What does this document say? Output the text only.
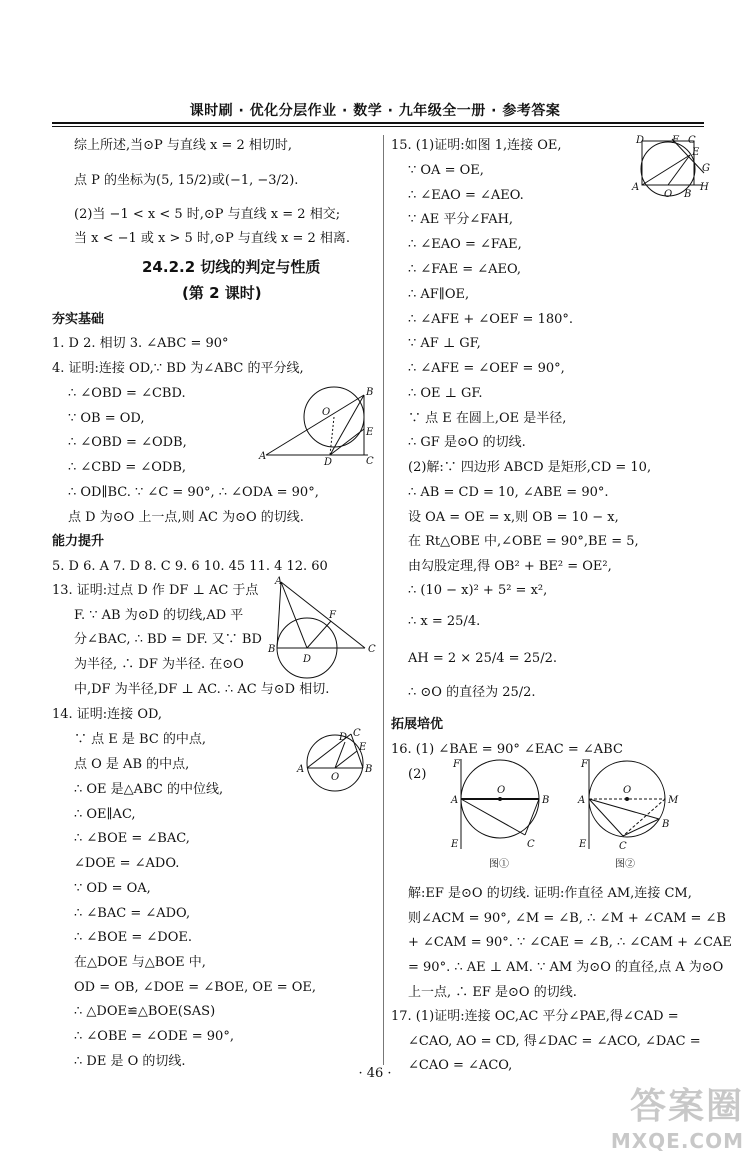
课时刷 · 优化分层作业 · 数学 · 九年级全一册 · 参考答案
综上所述,当⊙P 与直线 x = 2 相切时,
点 P 的坐标为(5, 15/2)或(−1, −3/2).
(2)当 −1 < x < 5 时,⊙P 与直线 x = 2 相交;
当 x < −1 或 x > 5 时,⊙P 与直线 x = 2 相离.
24.2.2 切线的判定与性质
(第 2 课时)
夯实基础
1. D 2. 相切 3. ∠ABC = 90°
4. 证明:连接 OD,∵ BD 为∠ABC 的平分线,
∴ ∠OBD = ∠CBD.
∵ OB = OD,
∴ ∠OBD = ∠ODB,
∴ ∠CBD = ∠ODB,
∴ OD∥BC. ∵ ∠C = 90°, ∴ ∠ODA = 90°,
点 D 为⊙O 上一点,则 AC 为⊙O 的切线.
能力提升
5. D 6. A 7. D 8. C 9. 6 10. 45 11. 4 12. 60
13. 证明:过点 D 作 DF ⊥ AC 于点
F. ∵ AB 为⊙D 的切线,AD 平
分∠BAC, ∴ BD = DF. 又∵ BD
为半径, ∴ DF 为半径. 在⊙O
中,DF 为半径,DF ⊥ AC. ∴ AC 与⊙D 相切.
14. 证明:连接 OD,
∵ 点 E 是 BC 的中点,
点 O 是 AB 的中点,
∴ OE 是△ABC 的中位线,
∴ OE∥AC,
∴ ∠BOE = ∠BAC,
∠DOE = ∠ADO.
∵ OD = OA,
∴ ∠BAC = ∠ADO,
∴ ∠BOE = ∠DOE.
在△DOE 与△BOE 中,
OD = OB, ∠DOE = ∠BOE, OE = OE,
∴ △DOE≌△BOE(SAS)
∴ ∠OBE = ∠ODE = 90°,
∴ DE 是 O 的切线.
15. (1)证明:如图 1,连接 OE,
∵ OA = OE,
∴ ∠EAO = ∠AEO.
∵ AE 平分∠FAH,
∴ ∠EAO = ∠FAE,
∴ ∠FAE = ∠AEO,
∴ AF∥OE,
∴ ∠AFE + ∠OEF = 180°.
∵ AF ⊥ GF,
∴ ∠AFE = ∠OEF = 90°,
∴ OE ⊥ GF.
∵ 点 E 在圆上,OE 是半径,
∴ GF 是⊙O 的切线.
(2)解:∵ 四边形 ABCD 是矩形,CD = 10,
∴ AB = CD = 10, ∠ABE = 90°.
设 OA = OE = x,则 OB = 10 − x,
在 Rt△OBE 中,∠OBE = 90°,BE = 5,
由勾股定理,得 OB² + BE² = OE²,
∴ (10 − x)² + 5² = x²,
∴ x = 25/4.
AH = 2 × 25/4 = 25/2.
∴ ⊙O 的直径为 25/2.
拓展培优
16. (1) ∠BAE = 90° ∠EAC = ∠ABC
(2)
解:EF 是⊙O 的切线. 证明:作直径 AM,连接 CM,
则∠ACM = 90°, ∠M = ∠B, ∴ ∠M + ∠CAM = ∠B
+ ∠CAM = 90°. ∵ ∠CAE = ∠B, ∴ ∠CAM + ∠CAE
= 90°. ∴ AE ⊥ AM. ∵ AM 为⊙O 的直径,点 A 为⊙O
上一点, ∴ EF 是⊙O 的切线.
17. (1)证明:连接 OC,AC 平分∠PAE,得∠CAD =
∠CAO, AO = CD, 得∠DAC = ∠ACO, ∠DAC =
∠CAO = ∠ACO,
A
B
C
D
E
O
A
B	C
D
F
A	B
C
D
E
O
D	F C
E
G
A
O B
H
F
A
O
B
E	C
图①
F
A
O
M
B
E	C
图②
· 46 ·
答案圈
MXQE.COM
